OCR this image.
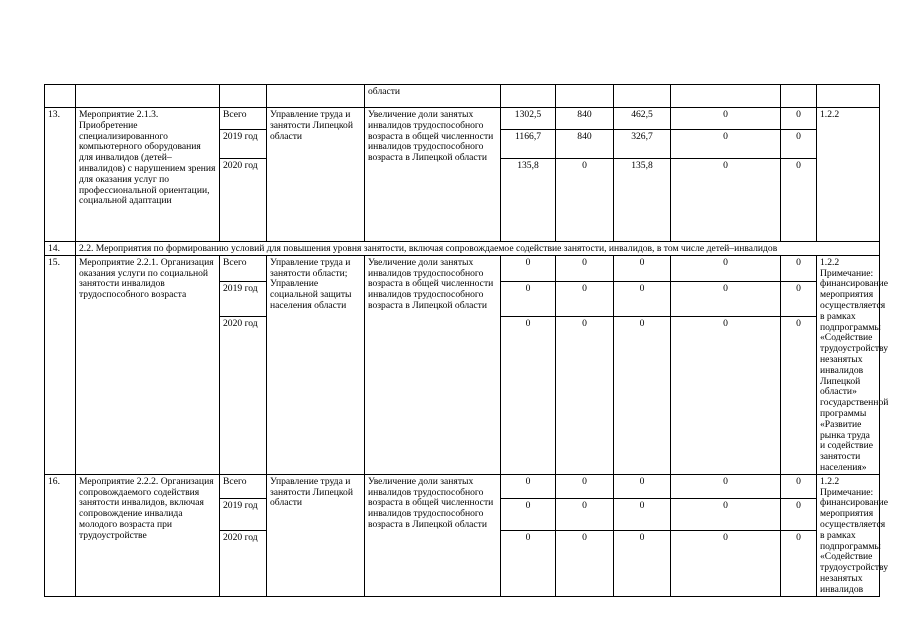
				области						
13.	Мероприятие 2.1.3. Приобретение специализированного компьютерного оборудования для инвалидов (детей–инвалидов) с нарушением зрения для оказания услуг по профессиональной ориентации, социальной адаптации	Всего	Управление труда и занятости Липецкой области	Увеличение доли занятых инвалидов трудоспособного возраста в общей численности инвалидов трудоспособного возраста в Липецкой области	1302,5	840	462,5	0	0	1.2.2
		2019 год			1166,7	840	326,7	0	0	
		2020 год			135,8	0	135,8	0	0	
14.	2.2. Мероприятия по формированию условий для повышения уровня занятости, включая сопровождаемое содействие занятости, инвалидов, в том числе детей–инвалидов									
15.	Мероприятие 2.2.1. Организация оказания услуги по социальной занятости инвалидов трудоспособного возраста	Всего	Управление труда и занятости области; Управление социальной защиты населения области	Увеличение доли занятых инвалидов трудоспособного возраста в общей численности инвалидов трудоспособного возраста в Липецкой области	0	0	0	0	0	1.2.2 Примечание: финансирование мероприятия осуществляется в рамках подпрограммы «Содействие трудоустройству незанятых инвалидов Липецкой области» государственной программы «Развитие рынка труда и содействие занятости населения»
		2019 год			0	0	0	0	0	
		2020 год			0	0	0	0	0	
16.	Мероприятие 2.2.2. Организация сопровождаемого содействия занятости инвалидов, включая сопровождение инвалида молодого возраста при трудоустройстве	Всего	Управление труда и занятости Липецкой области	Увеличение доли занятых инвалидов трудоспособного возраста в общей численности инвалидов трудоспособного возраста в Липецкой области	0	0	0	0	0	1.2.2 Примечание: финансирование мероприятия осуществляется в рамках подпрограммы «Содействие трудоустройству незанятых инвалидов
		2019 год			0	0	0	0	0	
		2020 год			0	0	0	0	0	
